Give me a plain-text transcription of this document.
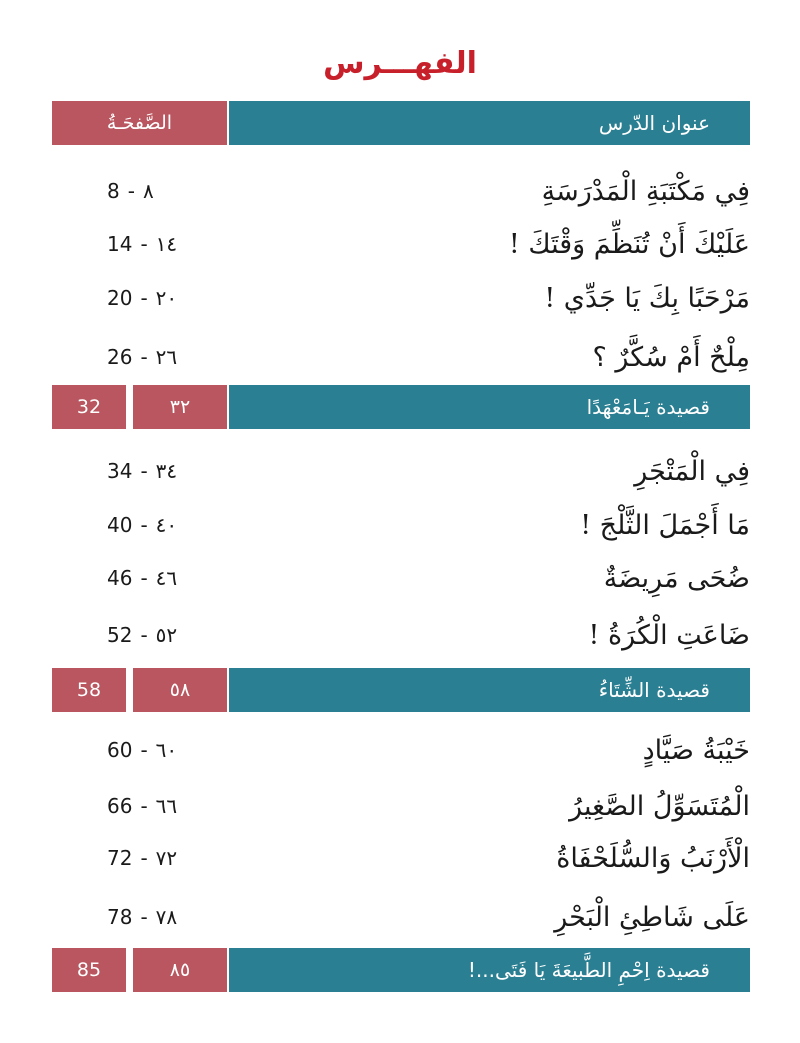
الفهـــرس
الصَّفحَـةُ	عنوان الدّرس
8 - ٨	فِي مَكْتَبَةِ الْمَدْرَسَةِ
14 - ١٤	عَلَيْكَ أَنْ تُنَظِّمَ وَقْتَكَ !
20 - ٢٠	مَرْحَبًا بِكَ يَا جَدِّي !
26 - ٢٦	مِلْحٌ أَمْ سُكَّرٌ ؟
32	٣٢	قصيدة يَـامَعْهَدًا
34 - ٣٤	فِي الْمَتْجَرِ
40 - ٤٠	مَا أَجْمَلَ الثَّلْجَ !
46 - ٤٦	ضُحَى مَرِيضَةٌ
52 - ٥٢	ضَاعَتِ الْكُرَةُ !
58	٥٨	قصيدة الشِّتَاءُ
60 - ٦٠	خَيْبَةُ صَيَّادٍ
66 - ٦٦	الْمُتَسَوِّلُ الصَّغِيرُ
72 - ٧٢	الْأَرْنَبُ وَالسُّلَحْفَاةُ
78 - ٧٨	عَلَى شَاطِئِ الْبَحْرِ
85	٨٥	قصيدة اِحْمِ الطَّبيعَةَ يَا فَتَى...!
